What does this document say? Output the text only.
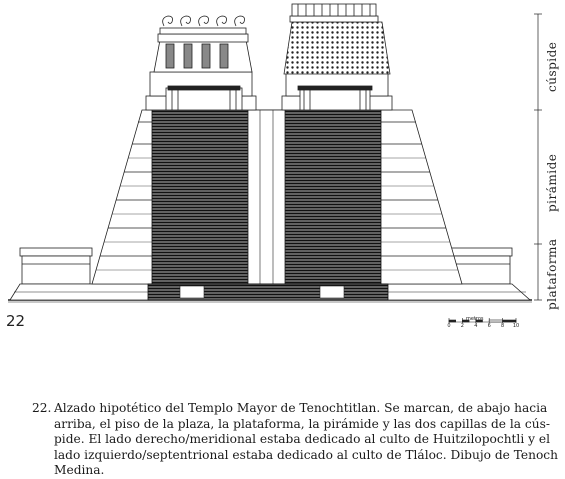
cúspide
pirámide
plataforma
metros
0 2 4 6 8 10
22
22. Alzado hipotético del Templo Mayor de Tenochtitlan. Se marcan, de abajo hacia
arriba, el piso de la plaza, la plataforma, la pirámide y las dos capillas de la cús-
pide. El lado derecho/meridional estaba dedicado al culto de Huitzilopochtli y el
lado izquierdo/septentrional estaba dedicado al culto de Tláloc. Dibujo de Tenoch
Medina.
